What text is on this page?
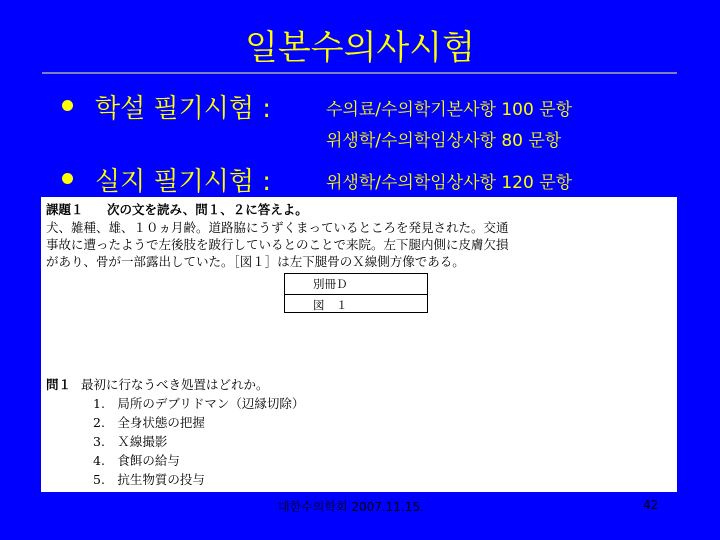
일본수의사시험
학설 필기시험 :	수의료/수의학기본사항 100 문항
위생학/수의학임상사항 80 문항
실지 필기시험 :	위생학/수의학임상사항 120 문항
課題１ 次の文を読み、問１、２に答えよ。
犬、雑種、雄、１０ヵ月齢。道路脇にうずくまっているところを発見された。交通
事故に遭ったようで左後肢を跛行しているとのことで来院。左下腿内側に皮膚欠損
があり、骨が一部露出していた。［図１］は左下腿骨のＸ線側方像である。
別冊Ｄ
図　１
問１ 最初に行なうべき処置はどれか。
1.　局所のデブリドマン（辺縁切除）
2.　全身状態の把握
3.　Ｘ線撮影
4.　食餌の給与
5.　抗生物質の投与
대한수의학회 2007.11.15.	42
